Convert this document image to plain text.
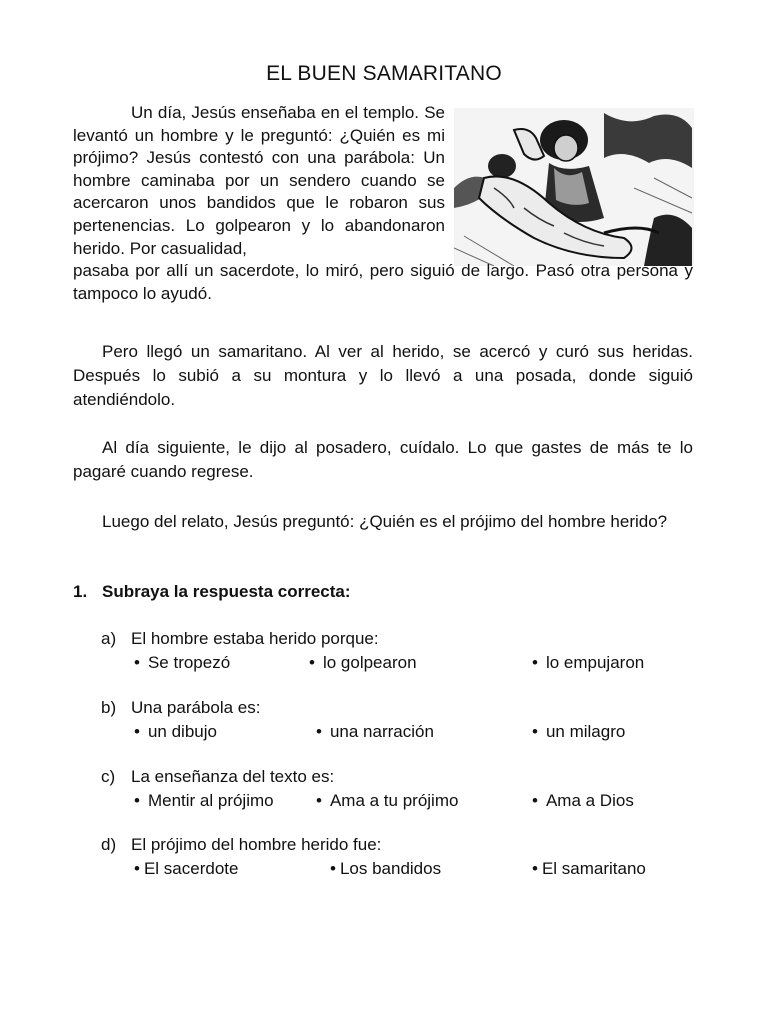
EL BUEN SAMARITANO
Un día, Jesús enseñaba en el templo. Se levantó un hombre y le preguntó: ¿Quién es mi prójimo? Jesús contestó con una parábola: Un hombre caminaba por un sendero cuando se acercaron unos bandidos que le robaron sus pertenencias. Lo golpearon y lo abandonaron herido. Por casualidad,
pasaba por allí un sacerdote, lo miró, pero siguió de largo. Pasó otra persona y tampoco lo ayudó.
Pero llegó un samaritano. Al ver al herido, se acercó y curó sus heridas. Después lo subió a su montura y lo llevó a una posada, donde siguió atendiéndolo.
Al día siguiente, le dijo al posadero, cuídalo. Lo que gastes de más te lo pagaré cuando regrese.
Luego del relato, Jesús preguntó: ¿Quién es el prójimo del hombre herido?
1. Subraya la respuesta correcta:
a) El hombre estaba herido porque:
• Se tropezó	• lo golpearon	• lo empujaron
b) Una parábola es:
• un dibujo	• una narración	• un milagro
c) La enseñanza del texto es:
• Mentir al prójimo • Ama a tu prójimo	• Ama a Dios
d) El prójimo del hombre herido fue:
• El sacerdote	• Los bandidos	• El samaritano
